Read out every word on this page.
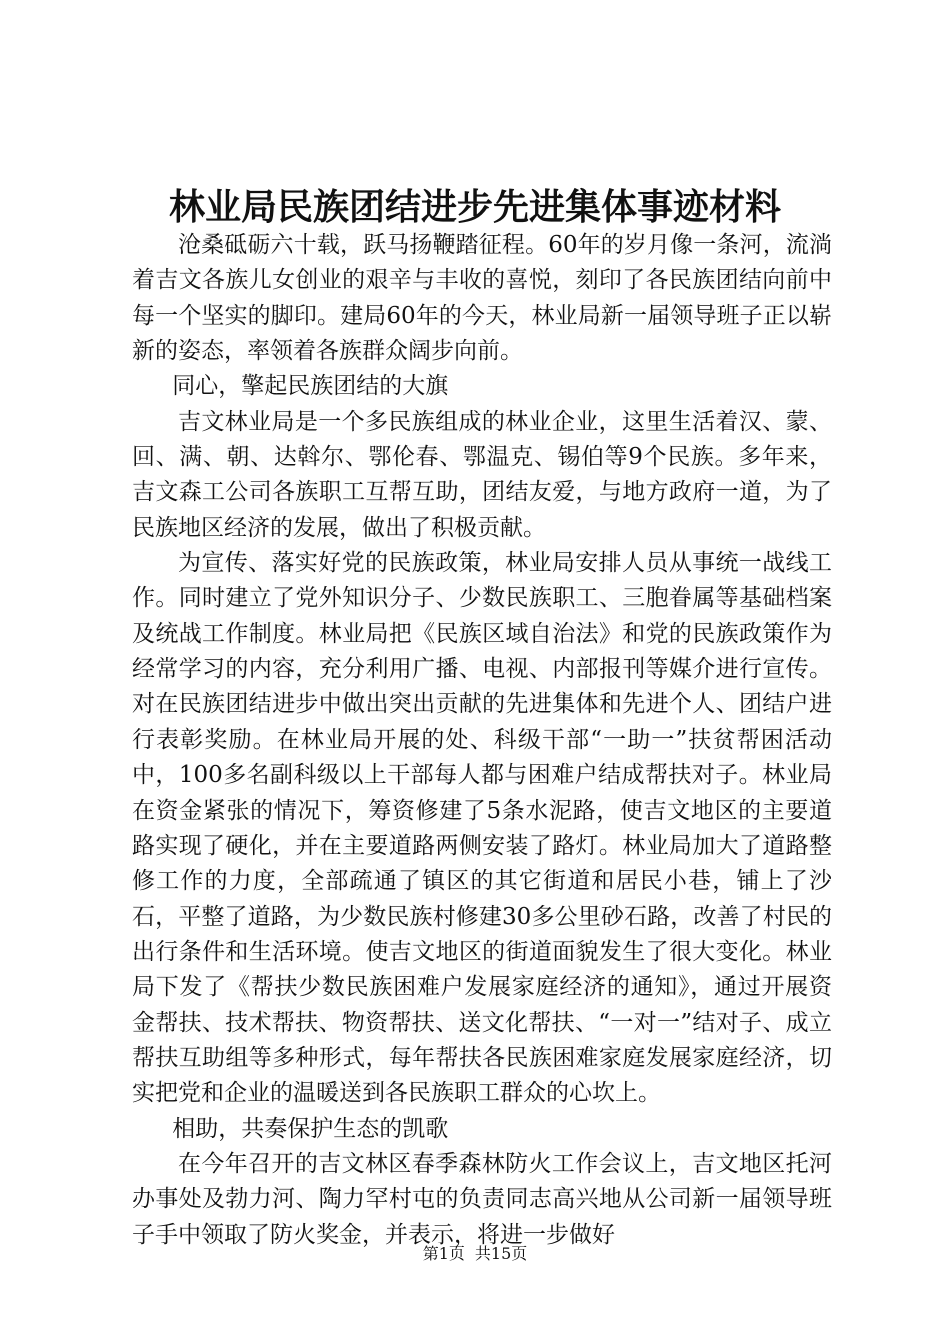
林业局民族团结进步先进集体事迹材料

沧桑砥砺六十载，跃马扬鞭踏征程。60年的岁月像一条河，流淌着吉文各族儿女创业的艰辛与丰收的喜悦，刻印了各民族团结向前中每一个坚实的脚印。建局60年的今天，林业局新一届领导班子正以崭新的姿态，率领着各族群众阔步向前。

同心，擎起民族团结的大旗

吉文林业局是一个多民族组成的林业企业，这里生活着汉、蒙、回、满、朝、达斡尔、鄂伦春、鄂温克、锡伯等9个民族。多年来，吉文森工公司各族职工互帮互助，团结友爱，与地方政府一道，为了民族地区经济的发展，做出了积极贡献。

为宣传、落实好党的民族政策，林业局安排人员从事统一战线工作。同时建立了党外知识分子、少数民族职工、三胞眷属等基础档案及统战工作制度。林业局把《民族区域自治法》和党的民族政策作为经常学习的内容，充分利用广播、电视、内部报刊等媒介进行宣传。对在民族团结进步中做出突出贡献的先进集体和先进个人、团结户进行表彰奖励。在林业局开展的处、科级干部“一助一”扶贫帮困活动中，100多名副科级以上干部每人都与困难户结成帮扶对子。林业局在资金紧张的情况下，筹资修建了5条水泥路，使吉文地区的主要道路实现了硬化，并在主要道路两侧安装了路灯。林业局加大了道路整修工作的力度，全部疏通了镇区的其它街道和居民小巷，铺上了沙石，平整了道路，为少数民族村修建30多公里砂石路，改善了村民的出行条件和生活环境。使吉文地区的街道面貌发生了很大变化。林业局下发了《帮扶少数民族困难户发展家庭经济的通知》，通过开展资金帮扶、技术帮扶、物资帮扶、送文化帮扶、“一对一”结对子、成立帮扶互助组等多种形式，每年帮扶各民族困难家庭发展家庭经济，切实把党和企业的温暖送到各民族职工群众的心坎上。

相助，共奏保护生态的凯歌

在今年召开的吉文林区春季森林防火工作会议上，吉文地区托河办事处及勃力河、陶力罕村屯的负责同志高兴地从公司新一届领导班子手中领取了防火奖金，并表示，将进一步做好

第1页 共15页
